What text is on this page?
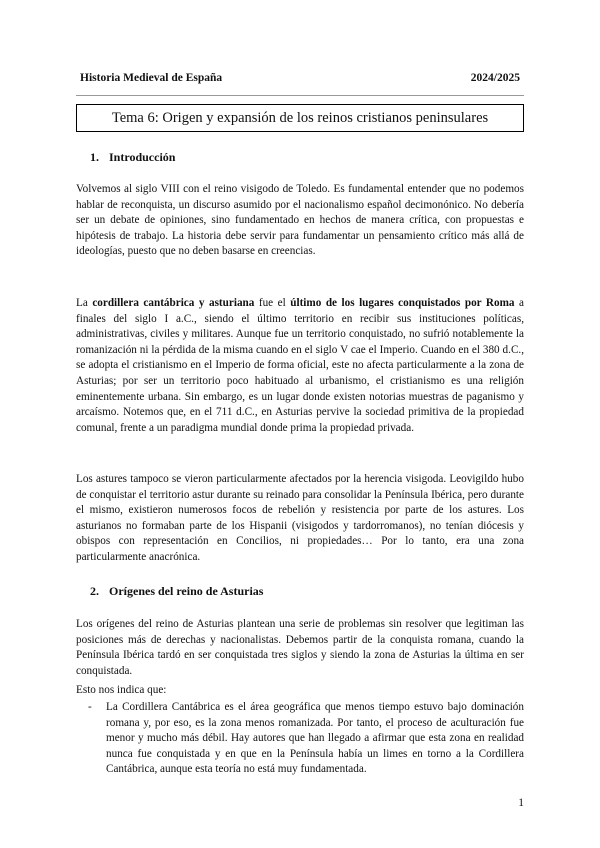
Historia Medieval de España	2024/2025
Tema 6: Origen y expansión de los reinos cristianos peninsulares
1. Introducción

Volvemos al siglo VIII con el reino visigodo de Toledo. Es fundamental entender que no podemos hablar de reconquista, un discurso asumido por el nacionalismo español decimonónico. No debería ser un debate de opiniones, sino fundamentado en hechos de manera crítica, con propuestas e hipótesis de trabajo. La historia debe servir para fundamentar un pensamiento crítico más allá de ideologías, puesto que no deben basarse en creencias.

La cordillera cantábrica y asturiana fue el último de los lugares conquistados por Roma a finales del siglo I a.C., siendo el último territorio en recibir sus instituciones políticas, administrativas, civiles y militares. Aunque fue un territorio conquistado, no sufrió notablemente la romanización ni la pérdida de la misma cuando en el siglo V cae el Imperio. Cuando en el 380 d.C., se adopta el cristianismo en el Imperio de forma oficial, este no afecta particularmente a la zona de Asturias; por ser un territorio poco habituado al urbanismo, el cristianismo es una religión eminentemente urbana. Sin embargo, es un lugar donde existen notorias muestras de paganismo y arcaísmo. Notemos que, en el 711 d.C., en Asturias pervive la sociedad primitiva de la propiedad comunal, frente a un paradigma mundial donde prima la propiedad privada.

Los astures tampoco se vieron particularmente afectados por la herencia visigoda. Leovigildo hubo de conquistar el territorio astur durante su reinado para consolidar la Península Ibérica, pero durante el mismo, existieron numerosos focos de rebelión y resistencia por parte de los astures. Los asturianos no formaban parte de los Hispanii (visigodos y tardorromanos), no tenían diócesis y obispos con representación en Concilios, ni propiedades… Por lo tanto, era una zona particularmente anacrónica.

2. Orígenes del reino de Asturias

Los orígenes del reino de Asturias plantean una serie de problemas sin resolver que legitiman las posiciones más de derechas y nacionalistas. Debemos partir de la conquista romana, cuando la Península Ibérica tardó en ser conquistada tres siglos y siendo la zona de Asturias la última en ser conquistada.

Esto nos indica que:

- La Cordillera Cantábrica es el área geográfica que menos tiempo estuvo bajo dominación romana y, por eso, es la zona menos romanizada. Por tanto, el proceso de aculturación fue menor y mucho más débil. Hay autores que han llegado a afirmar que esta zona en realidad nunca fue conquistada y en que en la Península había un limes en torno a la Cordillera Cantábrica, aunque esta teoría no está muy fundamentada.
1
